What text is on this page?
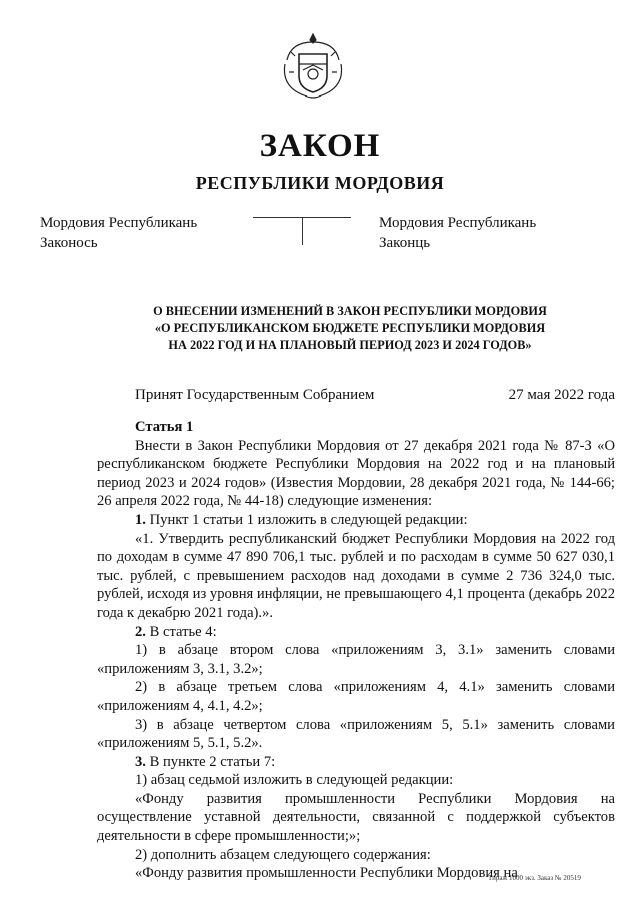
ЗАКОН
РЕСПУБЛИКИ МОРДОВИЯ
Мордовия Республикань
Законось
Мордовия Республикань
Законць
О ВНЕСЕНИИ ИЗМЕНЕНИЙ В ЗАКОН РЕСПУБЛИКИ МОРДОВИЯ
«О РЕСПУБЛИКАНСКОМ БЮДЖЕТЕ РЕСПУБЛИКИ МОРДОВИЯ
НА 2022 ГОД И НА ПЛАНОВЫЙ ПЕРИОД 2023 И 2024 ГОДОВ»
Принят Государственным Собранием	27 мая 2022 года

Статья 1

Внести в Закон Республики Мордовия от 27 декабря 2021 года № 87-З «О республиканском бюджете Республики Мордовия на 2022 год и на плановый период 2023 и 2024 годов» (Известия Мордовии, 28 декабря 2021 года, № 144-66; 26 апреля 2022 года, № 44-18) следующие изменения:

1. Пункт 1 статьи 1 изложить в следующей редакции:

«1. Утвердить республиканский бюджет Республики Мордовия на 2022 год по доходам в сумме 47 890 706,1 тыс. рублей и по расходам в сумме 50 627 030,1 тыс. рублей, с превышением расходов над доходами в сумме 2 736 324,0 тыс. рублей, исходя из уровня инфляции, не превышающего 4,1 процента (декабрь 2022 года к декабрю 2021 года).».

2. В статье 4:

1) в абзаце втором слова «приложениям 3, 3.1» заменить словами «приложениям 3, 3.1, 3.2»;

2) в абзаце третьем слова «приложениям 4, 4.1» заменить словами «приложениям 4, 4.1, 4.2»;

3) в абзаце четвертом слова «приложениям 5, 5.1» заменить словами «приложениям 5, 5.1, 5.2».

3. В пункте 2 статьи 7:

1) абзац седьмой изложить в следующей редакции:

«Фонду развития промышленности Республики Мордовия на осуществление уставной деятельности, связанной с поддержкой субъектов деятельности в сфере промышленности;»;

2) дополнить абзацем следующего содержания:

«Фонду развития промышленности Республики Мордовия на

Тираж 1000 экз. Заказ № 20519
